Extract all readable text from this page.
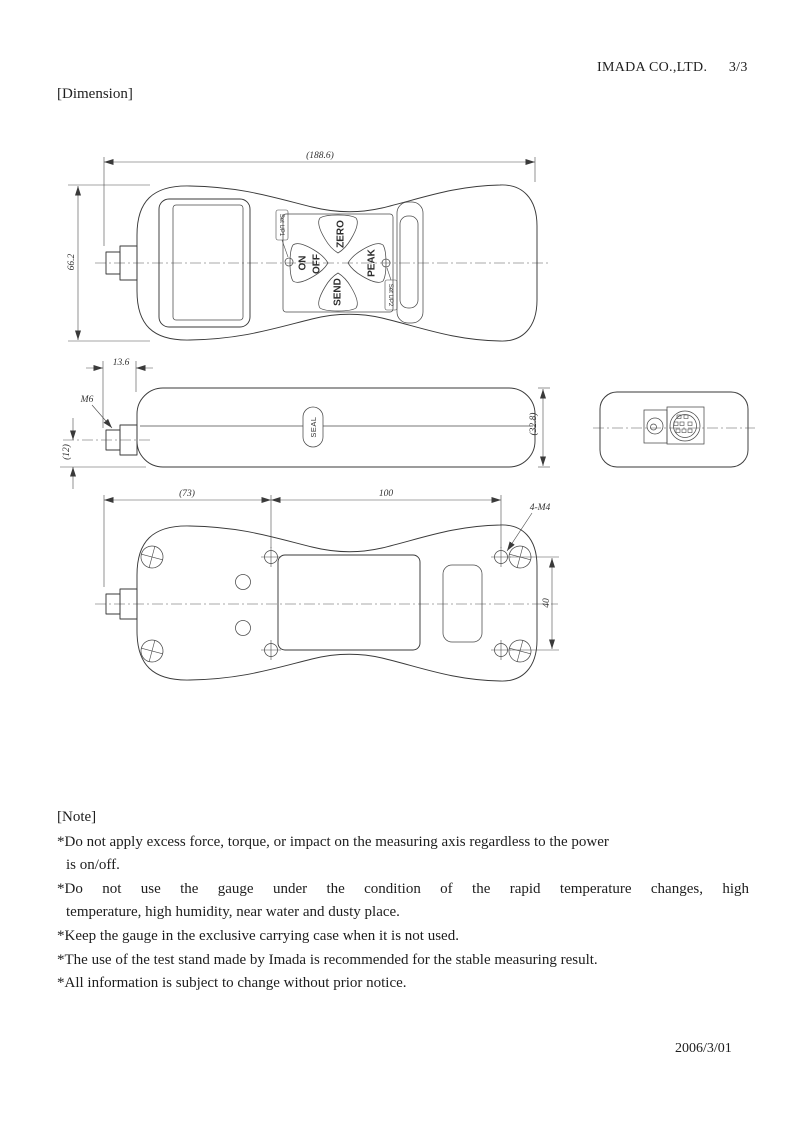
IMADA CO.,LTD. 3/3
[Dimension]
Set UP1
Set UP2
ZERO
ON OFF	PEAK
SEND
(188.6)
66.2
SEAL
13.6
M6
(12)
(32.8)
(73)	100
4-M4
40
[Note]
*Do not apply excess force, torque, or impact on the measuring axis regardless to the power
is on/off.
*Do not use the gauge under the condition of the rapid temperature changes, high
temperature, high humidity, near water and dusty place.
*Keep the gauge in the exclusive carrying case when it is not used.
*The use of the test stand made by Imada is recommended for the stable measuring result.
*All information is subject to change without prior notice.
2006/3/01
